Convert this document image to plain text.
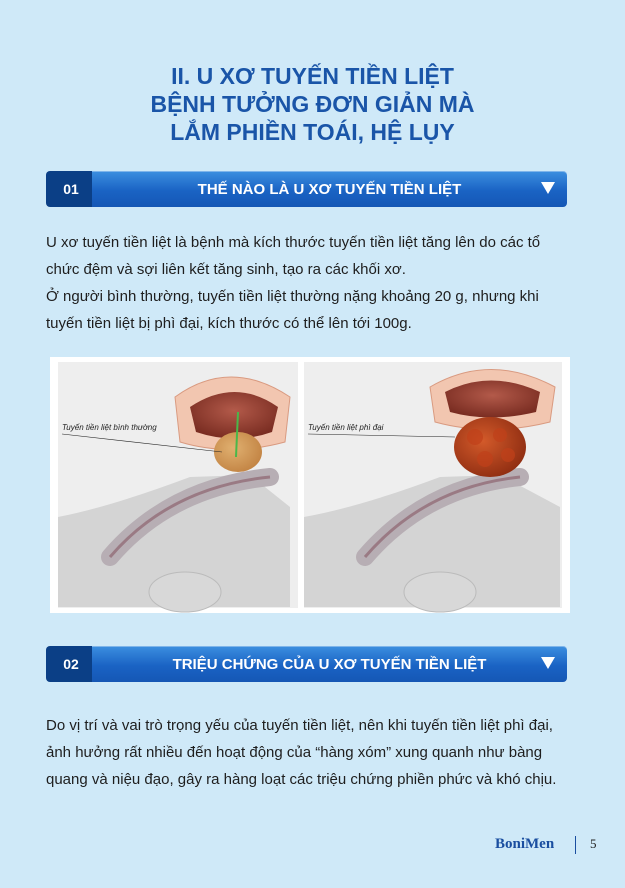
II. U XƠ TUYẾN TIỀN LIỆT
BỆNH TƯỞNG ĐƠN GIẢN MÀ
LẮM PHIỀN TOÁI, HỆ LỤY
01	THẾ NÀO LÀ U XƠ TUYẾN TIỀN LIỆT

U xơ tuyến tiền liệt là bệnh mà kích thước tuyến tiền liệt tăng lên do các tổ chức đệm và sợi liên kết tăng sinh, tạo ra các khối xơ.

Ở người bình thường, tuyến tiền liệt thường nặng khoảng 20 g, nhưng khi tuyến tiền liệt bị phì đại, kích thước có thể lên tới 100g.

Tuyến tiền liệt bình thường	Tuyến tiền liệt phì đại
02	TRIỆU CHỨNG CỦA U XƠ TUYẾN TIỀN LIỆT

Do vị trí và vai trò trọng yếu của tuyến tiền liệt, nên khi tuyến tiền liệt phì đại, ảnh hưởng rất nhiều đến hoạt động của “hàng xóm” xung quanh như bàng quang và niệu đạo, gây ra hàng loạt các triệu chứng phiền phức và khó chịu.

BoniMen	5
